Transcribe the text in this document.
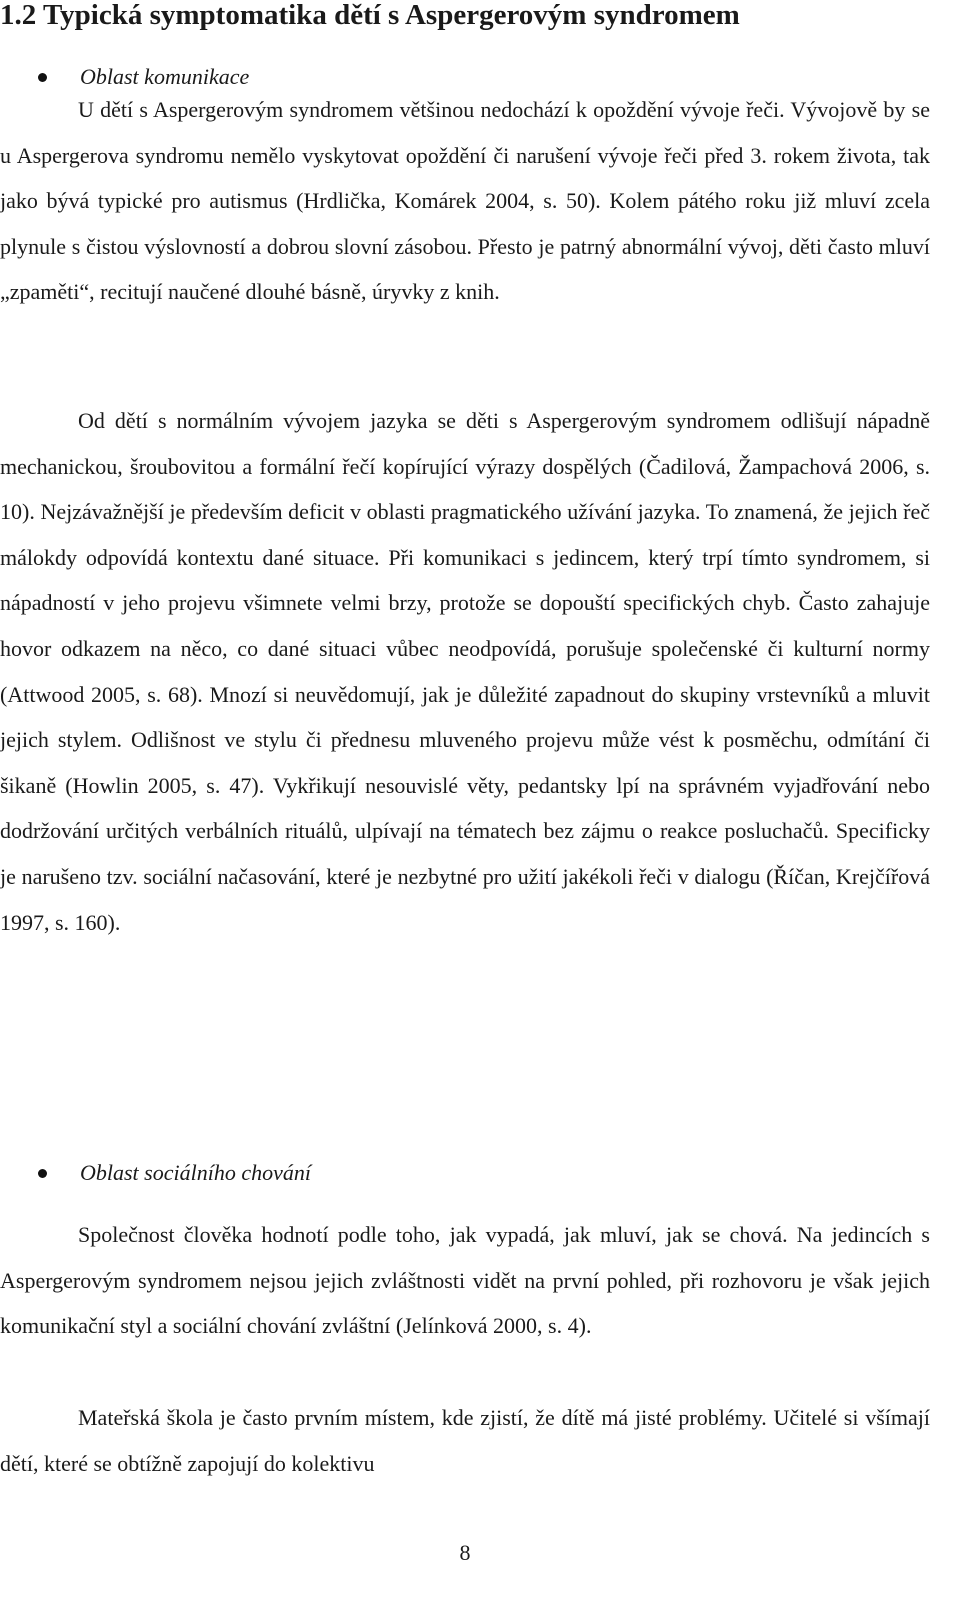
1.2 Typická symptomatika dětí s Aspergerovým syndromem
Oblast komunikace

U dětí s Aspergerovým syndromem většinou nedochází k opoždění vývoje řeči. Vývojově by se u Aspergerova syndromu nemělo vyskytovat opoždění či narušení vývoje řeči před 3. rokem života, tak jako bývá typické pro autismus (Hrdlička, Komárek 2004, s. 50). Kolem pátého roku již mluví zcela plynule s čistou výslovností a dobrou slovní zásobou. Přesto je patrný abnormální vývoj, děti často mluví „zpaměti“, recitují naučené dlouhé básně, úryvky z knih.

Od dětí s normálním vývojem jazyka se děti s Aspergerovým syndromem odlišují nápadně mechanickou, šroubovitou a formální řečí kopírující výrazy dospělých (Čadilová, Žampachová 2006, s. 10). Nejzávažnější je především deficit v oblasti pragmatického užívání jazyka. To znamená, že jejich řeč málokdy odpovídá kontextu dané situace. Při komunikaci s jedincem, který trpí tímto syndromem, si nápadností v jeho projevu všimnete velmi brzy, protože se dopouští specifických chyb. Často zahajuje hovor odkazem na něco, co dané situaci vůbec neodpovídá, porušuje společenské či kulturní normy (Attwood 2005, s. 68). Mnozí si neuvědomují, jak je důležité zapadnout do skupiny vrstevníků a mluvit jejich stylem. Odlišnost ve stylu či přednesu mluveného projevu může vést k posměchu, odmítání či šikaně (Howlin 2005, s. 47). Vykřikují nesouvislé věty, pedantsky lpí na správném vyjadřování nebo dodržování určitých verbálních rituálů, ulpívají na tématech bez zájmu o reakce posluchačů. Specificky je narušeno tzv. sociální načasování, které je nezbytné pro užití jakékoli řeči v dialogu (Říčan, Krejčířová 1997, s. 160).

Oblast sociálního chování

Společnost člověka hodnotí podle toho, jak vypadá, jak mluví, jak se chová. Na jedincích s Aspergerovým syndromem nejsou jejich zvláštnosti vidět na první pohled, při rozhovoru je však jejich komunikační styl a sociální chování zvláštní (Jelínková 2000, s. 4).

Mateřská škola je často prvním místem, kde zjistí, že dítě má jisté problémy. Učitelé si všímají dětí, které se obtížně zapojují do kolektivu

8
